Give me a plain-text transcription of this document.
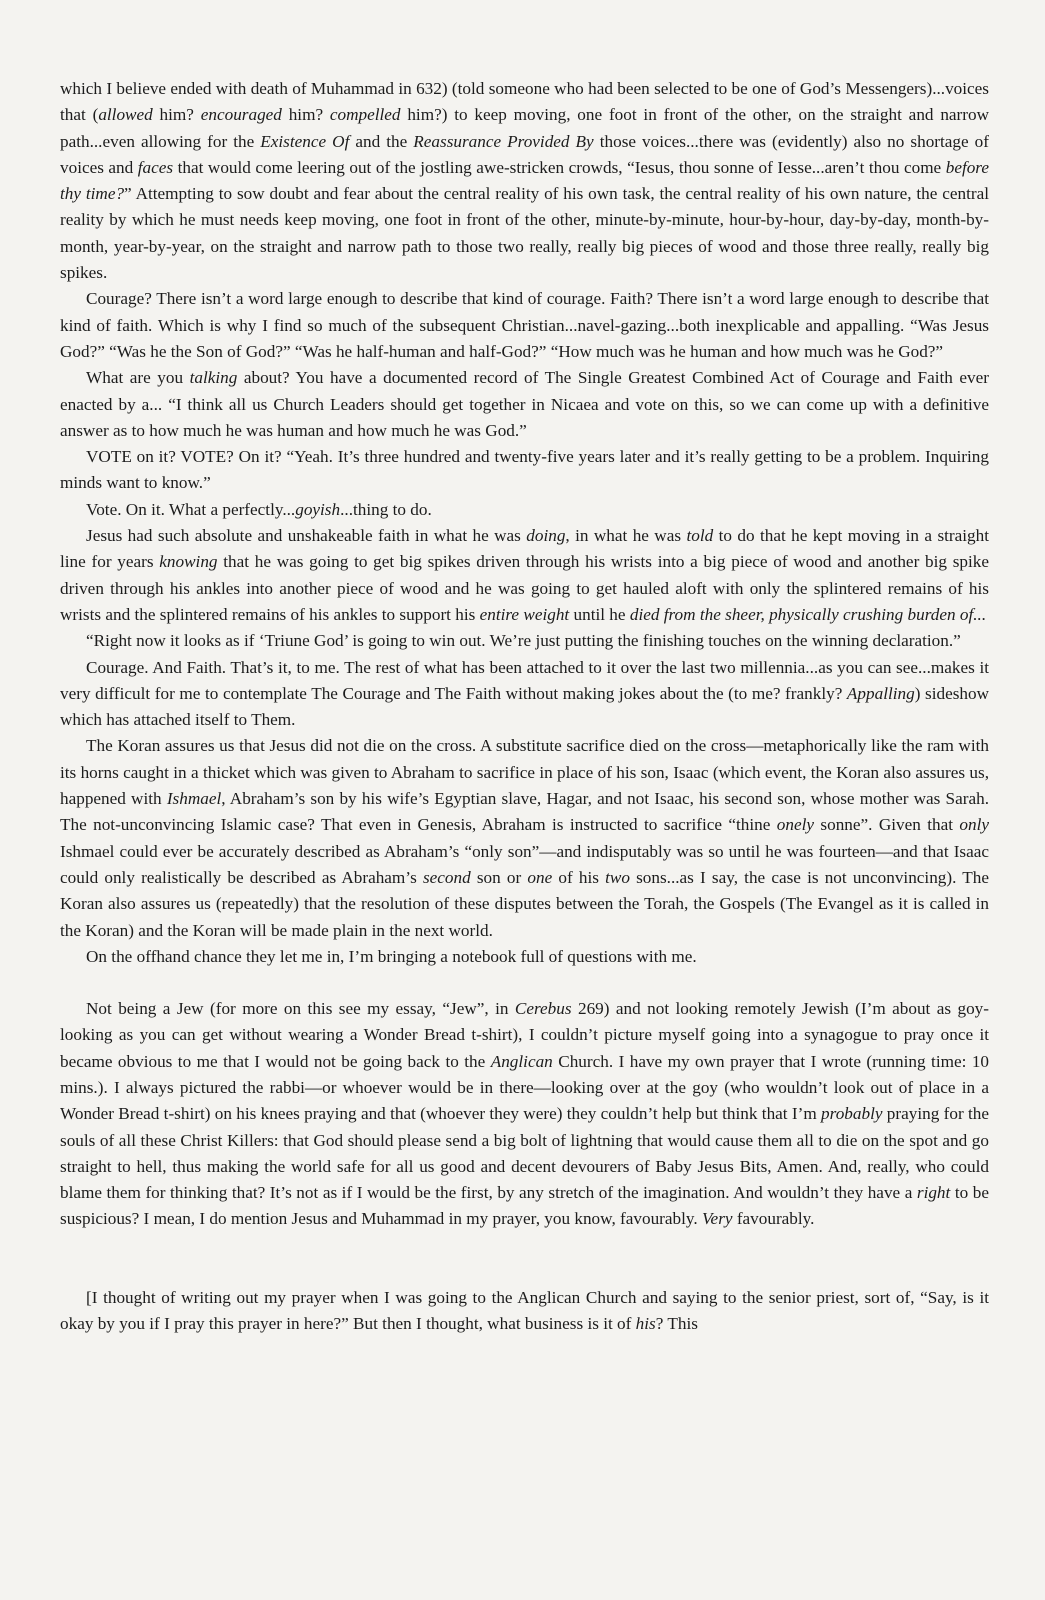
which I believe ended with death of Muhammad in 632) (told someone who had been selected to be one of God’s Messengers)...voices that (allowed him? encouraged him? compelled him?) to keep moving, one foot in front of the other, on the straight and narrow path...even allowing for the Existence Of and the Reassurance Provided By those voices...there was (evidently) also no shortage of voices and faces that would come leering out of the jostling awe-stricken crowds, “Iesus, thou sonne of Iesse...aren’t thou come before thy time?” Attempting to sow doubt and fear about the central reality of his own task, the central reality of his own nature, the central reality by which he must needs keep moving, one foot in front of the other, minute-by-minute, hour-by-hour, day-by-day, month-by-month, year-by-year, on the straight and narrow path to those two really, really big pieces of wood and those three really, really big spikes.

Courage? There isn’t a word large enough to describe that kind of courage. Faith? There isn’t a word large enough to describe that kind of faith. Which is why I find so much of the subsequent Christian...navel-gazing...both inexplicable and appalling. “Was Jesus God?” “Was he the Son of God?” “Was he half-human and half-God?” “How much was he human and how much was he God?”

What are you talking about? You have a documented record of The Single Greatest Combined Act of Courage and Faith ever enacted by a... “I think all us Church Leaders should get together in Nicaea and vote on this, so we can come up with a definitive answer as to how much he was human and how much he was God.”

VOTE on it? VOTE? On it? “Yeah. It’s three hundred and twenty-five years later and it’s really getting to be a problem. Inquiring minds want to know.”

Vote. On it. What a perfectly...goyish...thing to do.

Jesus had such absolute and unshakeable faith in what he was doing, in what he was told to do that he kept moving in a straight line for years knowing that he was going to get big spikes driven through his wrists into a big piece of wood and another big spike driven through his ankles into another piece of wood and he was going to get hauled aloft with only the splintered remains of his wrists and the splintered remains of his ankles to support his entire weight until he died from the sheer, physically crushing burden of...

“Right now it looks as if ‘Triune God’ is going to win out. We’re just putting the finishing touches on the winning declaration.”

Courage. And Faith. That’s it, to me. The rest of what has been attached to it over the last two millennia...as you can see...makes it very difficult for me to contemplate The Courage and The Faith without making jokes about the (to me? frankly? Appalling) sideshow which has attached itself to Them.

The Koran assures us that Jesus did not die on the cross. A substitute sacrifice died on the cross—metaphorically like the ram with its horns caught in a thicket which was given to Abraham to sacrifice in place of his son, Isaac (which event, the Koran also assures us, happened with Ishmael, Abraham’s son by his wife’s Egyptian slave, Hagar, and not Isaac, his second son, whose mother was Sarah. The not-unconvincing Islamic case? That even in Genesis, Abraham is instructed to sacrifice “thine onely sonne”. Given that only Ishmael could ever be accurately described as Abraham’s “only son”—and indisputably was so until he was fourteen—and that Isaac could only realistically be described as Abraham’s second son or one of his two sons...as I say, the case is not unconvincing). The Koran also assures us (repeatedly) that the resolution of these disputes between the Torah, the Gospels (The Evangel as it is called in the Koran) and the Koran will be made plain in the next world.

On the offhand chance they let me in, I’m bringing a notebook full of questions with me.

Not being a Jew (for more on this see my essay, “Jew”, in Cerebus 269) and not looking remotely Jewish (I’m about as goy-looking as you can get without wearing a Wonder Bread t-shirt), I couldn’t picture myself going into a synagogue to pray once it became obvious to me that I would not be going back to the Anglican Church. I have my own prayer that I wrote (running time: 10 mins.). I always pictured the rabbi—or whoever would be in there—looking over at the goy (who wouldn’t look out of place in a Wonder Bread t-shirt) on his knees praying and that (whoever they were) they couldn’t help but think that I’m probably praying for the souls of all these Christ Killers: that God should please send a big bolt of lightning that would cause them all to die on the spot and go straight to hell, thus making the world safe for all us good and decent devourers of Baby Jesus Bits, Amen. And, really, who could blame them for thinking that? It’s not as if I would be the first, by any stretch of the imagination. And wouldn’t they have a right to be suspicious? I mean, I do mention Jesus and Muhammad in my prayer, you know, favourably. Very favourably.

[I thought of writing out my prayer when I was going to the Anglican Church and saying to the senior priest, sort of, “Say, is it okay by you if I pray this prayer in here?” But then I thought, what business is it of his? This
